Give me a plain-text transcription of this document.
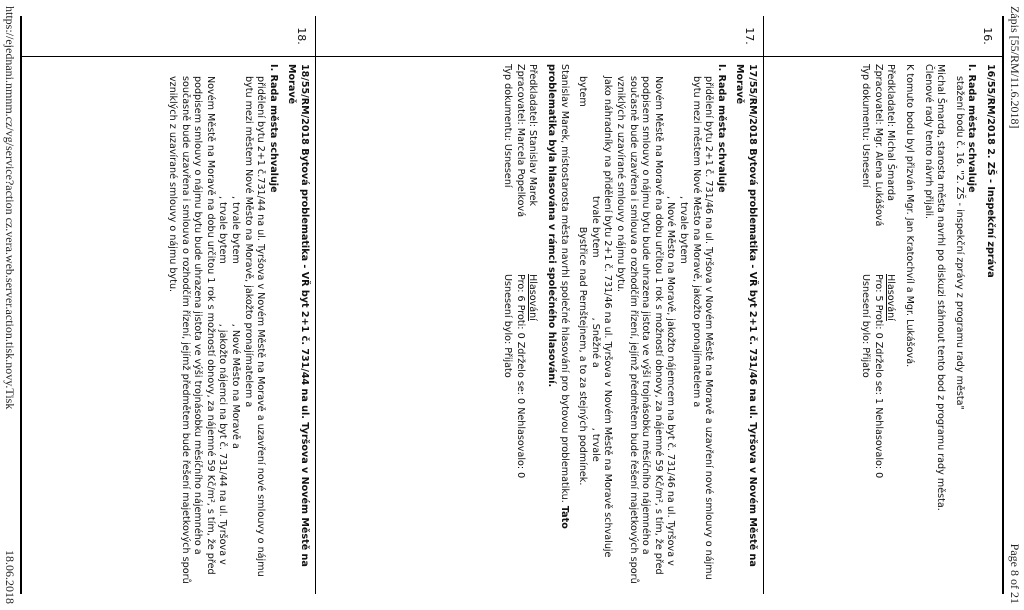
Zápis [55/RM/11.6.2018]
Page 8 of 21
16.

16/55/RM/2018 2. ZŠ - Inspekční zpráva

I. Rada města schvaluje

stažení bodu č. 16. "2. ZŠ - inspekční zprávy z programu rady města"

Michal Šmarda, starosta města navrhl po diskuzi stáhnout tento bod z programu rady města.

Členové rady tento návrh přijali.

K tomuto bodu byl přizván Mgr. Jan Kratochvíl a Mgr. Lukášová.

Předkladatel: Michal Šmarda

Zpracovatel: Mgr. Alena Lukášová

Typ dokumentu: Usnesení

Hlasování

Pro: 5 Proti: 0 Zdrželo se: 1 Nehlasovalo: 0

Usnesení bylo: Přijato

17.

17/55/RM/2018 Bytová problematika - VŘ byt 2+1 č. 731/46 na ul. Tyršova v Novém Městě na Moravě

I. Rada města schvaluje

přidělení bytu 2+1 č. 731/46 na ul. Tyršova v Novém Městě na Moravě a uzavření nové smlouvy o nájmu bytu mezi městem Nové Město na Moravě, jakožto pronajímatelem a

, trvale bytem

, Nové Město na Moravě, jakožto nájemcem na byt č. 731/46 na ul. Tyršova v Novém Městě na Moravě na dobu určitou 1 rok s možností obnovy, za nájemné 59 Kč/m², s tím, že před podpisem smlouvy o nájmu bytu bude uhrazena jistota ve výši trojnásobku měsíčního nájemného a současně bude uzavřena i smlouva o rozhodčím řízení, jejímž předmětem bude řešení majetkových sporů vzniklých z uzavírané smlouvy o nájmu bytu.

Jako náhradníky na přidělení bytu 2+1 č. 731/46 na ul. Tyršova v Novém Městě na Moravě schvaluje

trvale bytem, Sněžné a, trvale

bytemBystřice nad Pernštejnem, a to za stejných podmínek.

Stanislav Marek, místostarosta města navrhl společné hlasování pro bytovou problematiku. Tato problematika byla hlasována v rámci společného hlasování.

Předkladatel: Stanislav Marek

Zpracovatel: Marcela Popelková

Typ dokumentu: Usnesení

Hlasování

Pro: 6 Proti: 0 Zdrželo se: 0 Nehlasovalo: 0

Usnesení bylo: Přijato

18.

18/55/RM/2018 Bytová problematika - VŘ byt 2+1 č. 731/44 na ul. Tyršova v Novém Městě na Moravě

I. Rada města schvaluje

přidělení bytu 2+1 č.731/44 na ul. Tyršova v Novém Městě na Moravě a uzavření nové smlouvy o nájmu bytu mezi městem Nové Město na Moravě, jakožto pronajímatelem a

, trvale bytem, Nové Město na Moravě a

, trvale bytem, jakožto nájemci na byt č. 731/44 na ul. Tyršova v Novém Městě na Moravě na dobu určitou 1 rok s možností obnovy, za nájemné 59 Kč/m², s tím, že před podpisem smlouvy o nájmu bytu bude uhrazena jistota ve výši trojnásobku měsíčního nájemného a současně bude uzavřena i smlouva o rozhodčím řízení, jejímž předmětem bude řešení majetkových sporů vzniklých z uzavírané smlouvy o nájmu bytu.

https://ejednani.nmnm.cz/vg/service?action cz.vera.web.server.action.tisk.novy.Tisk
18.06.2018
